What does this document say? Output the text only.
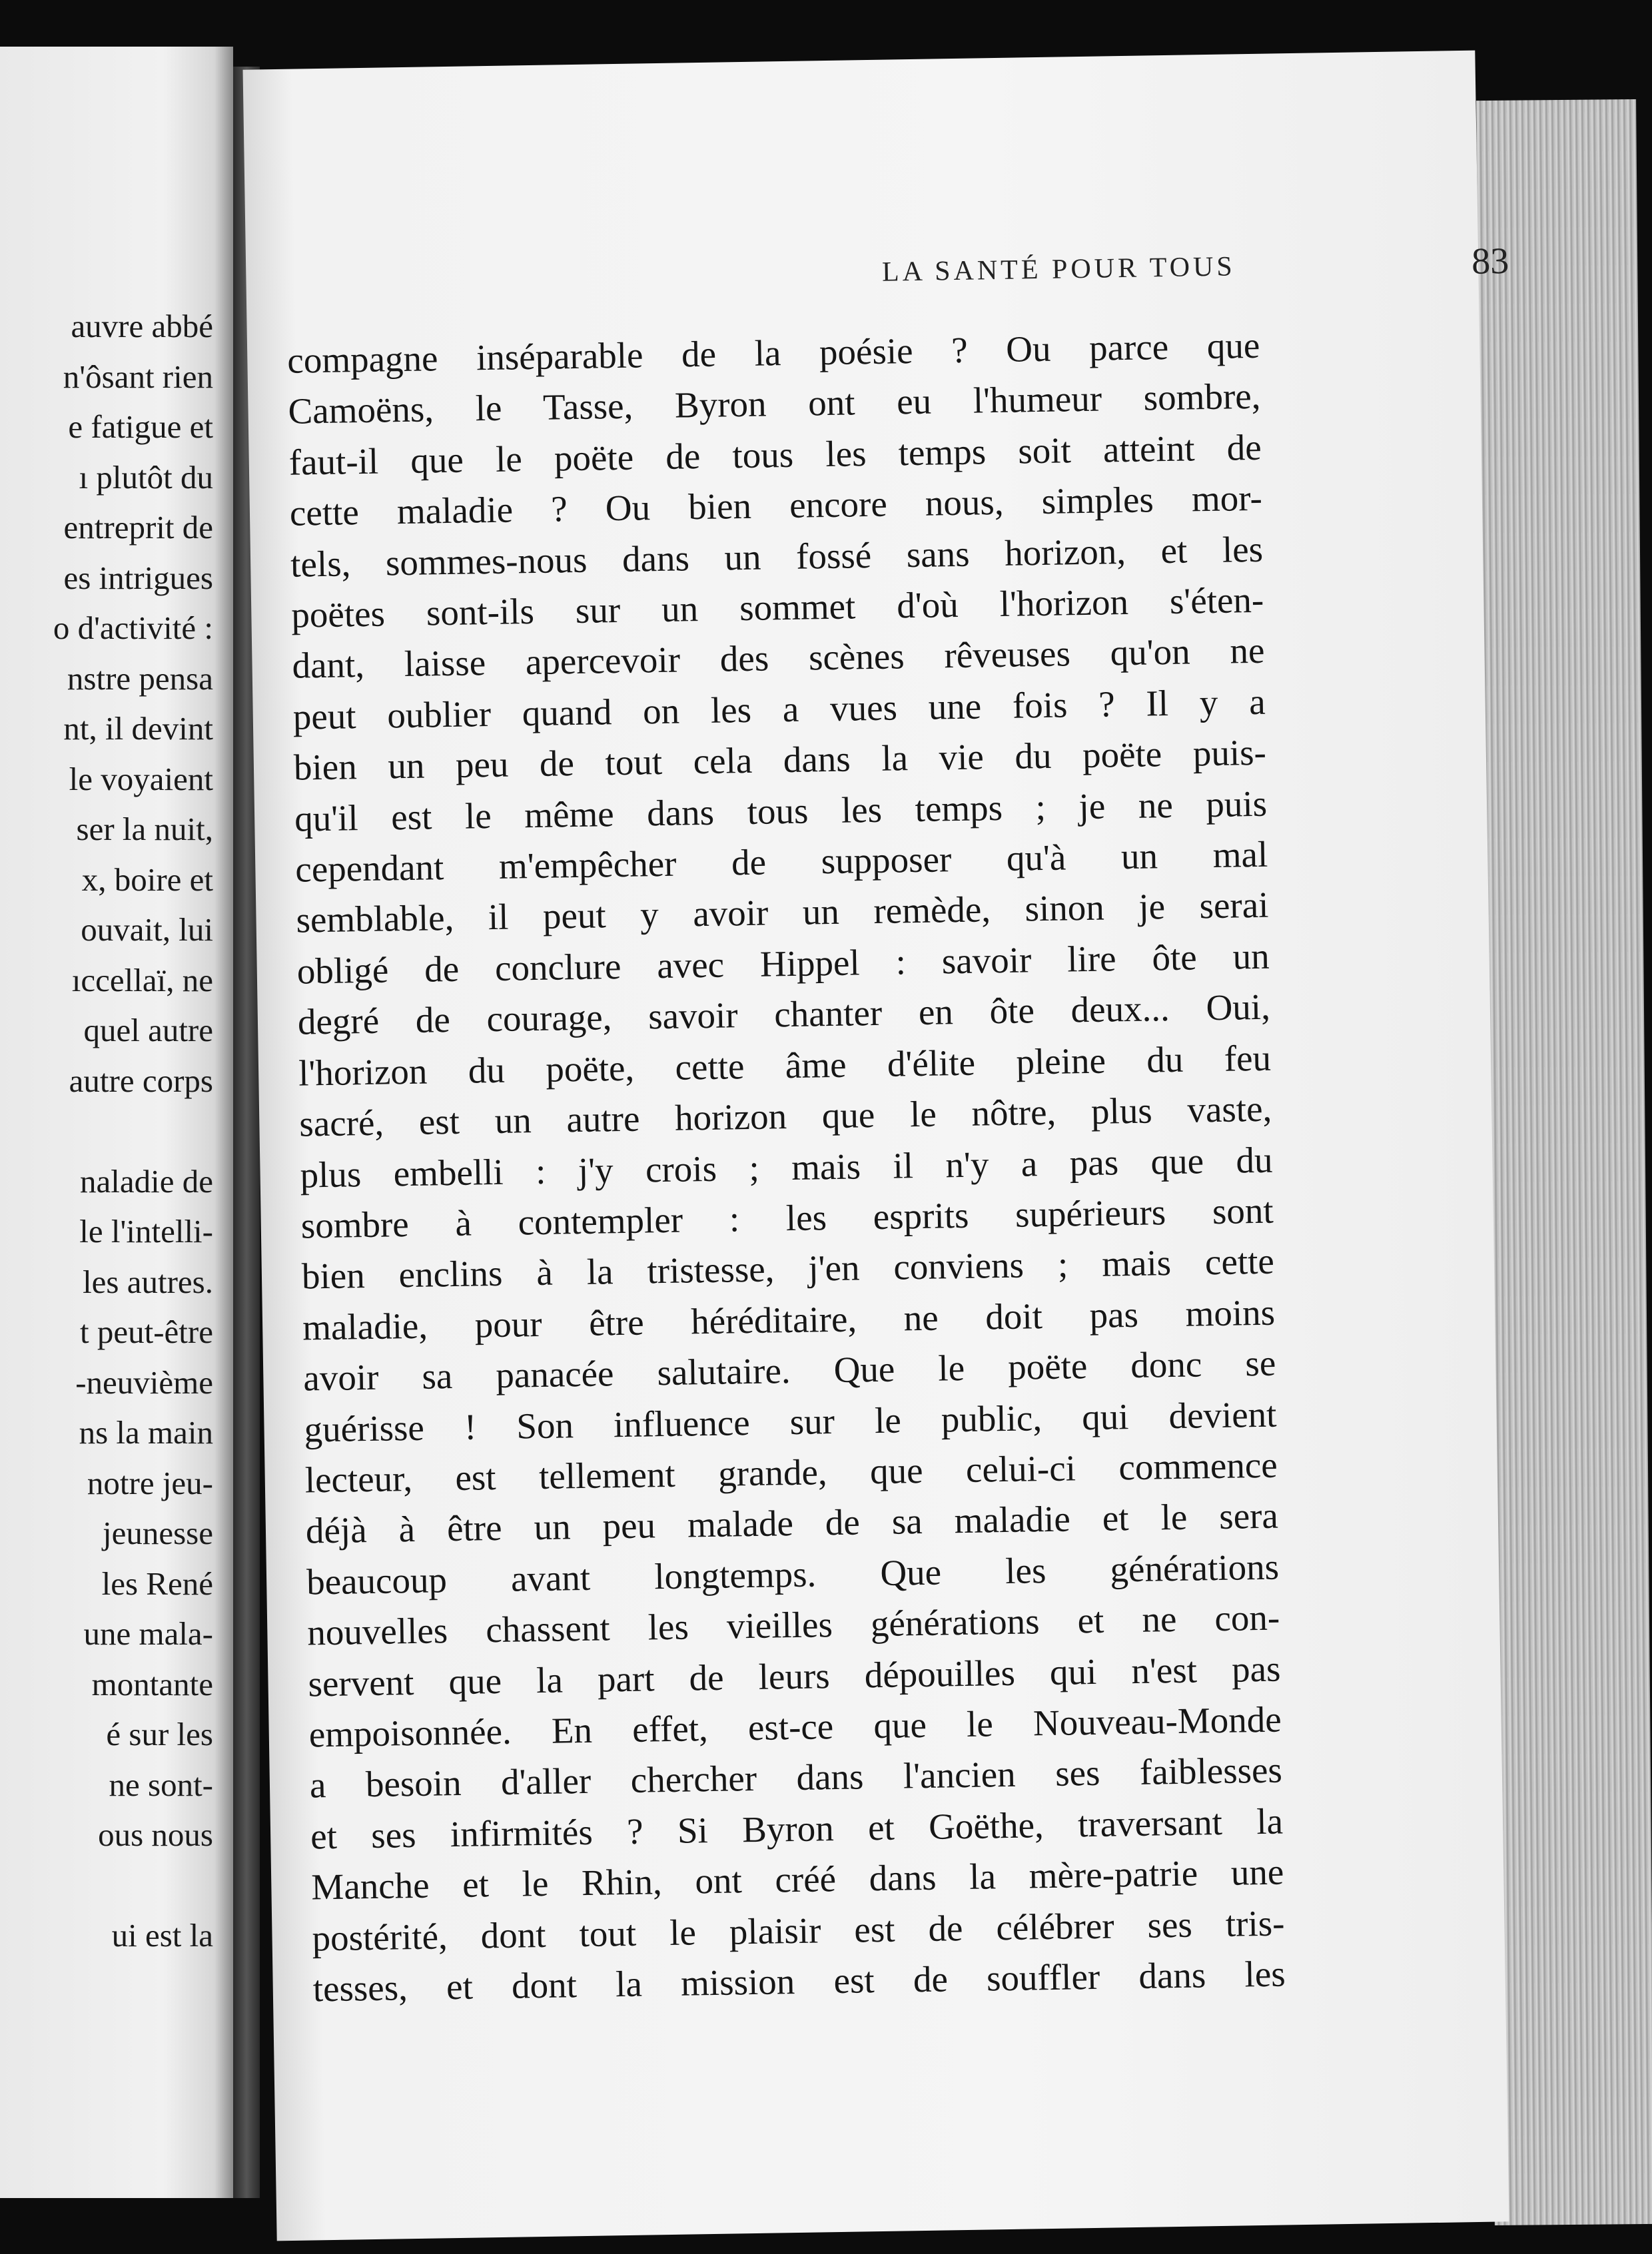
auvre abbé
n'ôsant rien
e fatigue et
ı plutôt du
entreprit de
es intrigues
o d'activité :
nstre pensa
nt, il devint
le voyaient
ser la nuit,
x, boire et
ouvait, lui
ıccellaï, ne
quel autre
autre corps
naladie de
le l'intelli-
les autres.
t peut-être
-neuvième
ns la main
notre jeu-
jeunesse
les René
une mala-
montante
é sur les
ne sont-
ous nous
ui est la
LA SANTÉ POUR TOUS	83
compagne inséparable de la poésie ? Ou parce que
Camoëns, le Tasse, Byron ont eu l'humeur sombre,
faut-il que le poëte de tous les temps soit atteint de
cette maladie ? Ou bien encore nous, simples mor-
tels, sommes-nous dans un fossé sans horizon, et les
poëtes sont-ils sur un sommet d'où l'horizon s'éten-
dant, laisse apercevoir des scènes rêveuses qu'on ne
peut oublier quand on les a vues une fois ? Il y a
bien un peu de tout cela dans la vie du poëte puis-
qu'il est le même dans tous les temps ; je ne puis
cependant m'empêcher de supposer qu'à un mal
semblable, il peut y avoir un remède, sinon je serai
obligé de conclure avec Hippel : savoir lire ôte un
degré de courage, savoir chanter en ôte deux... Oui,
l'horizon du poëte, cette âme d'élite pleine du feu
sacré, est un autre horizon que le nôtre, plus vaste,
plus embelli : j'y crois ; mais il n'y a pas que du
sombre à contempler : les esprits supérieurs sont
bien enclins à la tristesse, j'en conviens ; mais cette
maladie, pour être héréditaire, ne doit pas moins
avoir sa panacée salutaire. Que le poëte donc se
guérisse ! Son influence sur le public, qui devient
lecteur, est tellement grande, que celui-ci commence
déjà à être un peu malade de sa maladie et le sera
beaucoup avant longtemps. Que les générations
nouvelles chassent les vieilles générations et ne con-
servent que la part de leurs dépouilles qui n'est pas
empoisonnée. En effet, est-ce que le Nouveau-Monde
a besoin d'aller chercher dans l'ancien ses faiblesses
et ses infirmités ? Si Byron et Goëthe, traversant la
Manche et le Rhin, ont créé dans la mère-patrie une
postérité, dont tout le plaisir est de célébrer ses tris-
tesses, et dont la mission est de souffler dans les
